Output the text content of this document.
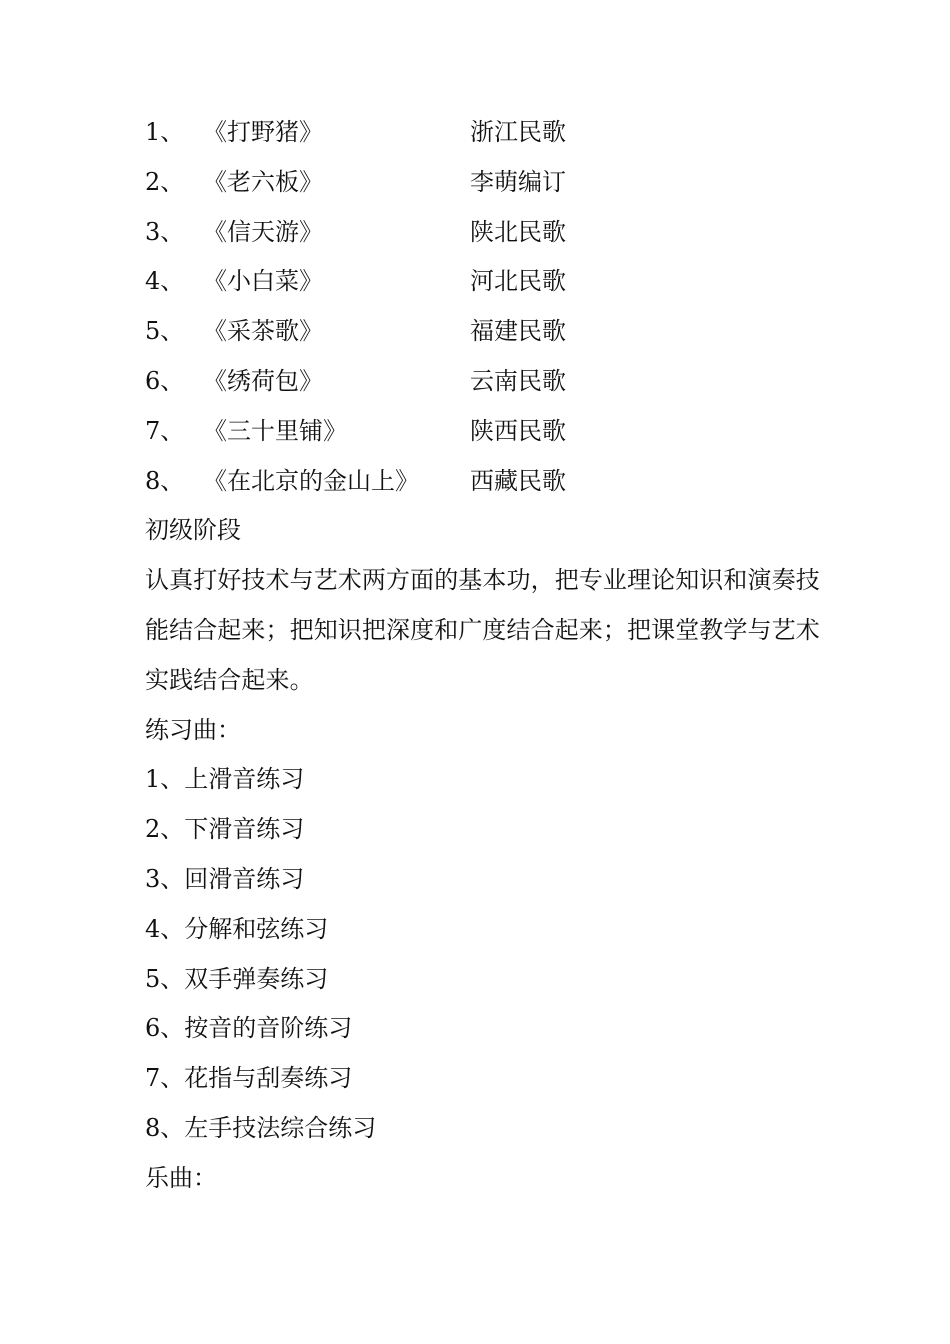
1、 《打野猪》	浙江民歌
2、 《老六板》	李萌编订
3、 《信天游》	陕北民歌
4、 《小白菜》	河北民歌
5、 《采茶歌》	福建民歌
6、 《绣荷包》	云南民歌
7、 《三十里铺》	陕西民歌
8、 《在北京的金山上》 西藏民歌
初级阶段
认真打好技术与艺术两方面的基本功，把专业理论知识和演奏技能结合起来；把知识把深度和广度结合起来；把课堂教学与艺术实践结合起来。
练习曲：
1、上滑音练习
2、下滑音练习
3、回滑音练习
4、分解和弦练习
5、双手弹奏练习
6、按音的音阶练习
7、花指与刮奏练习
8、左手技法综合练习
乐曲：
